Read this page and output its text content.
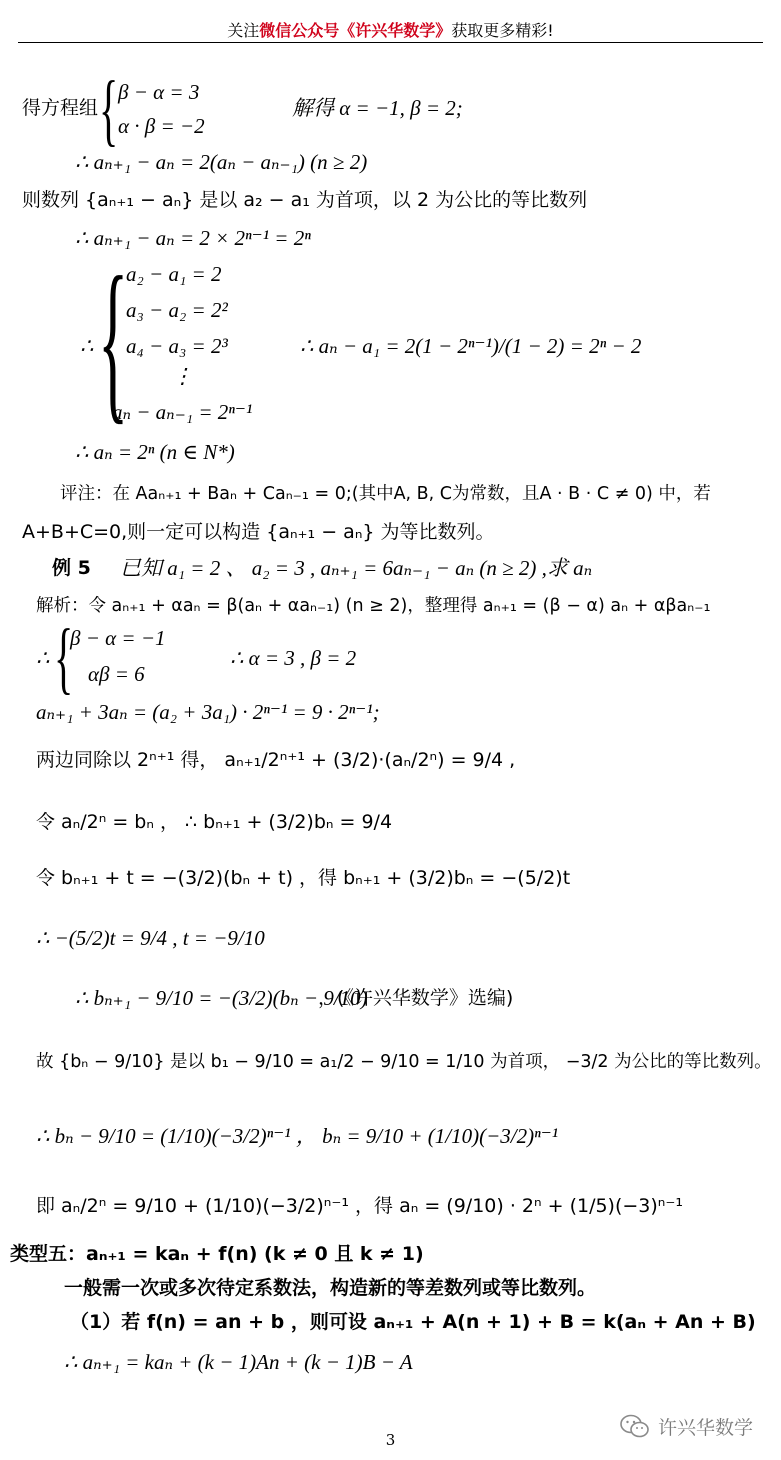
关注微信公众号《许兴华数学》获取更多精彩!
得方程组 { β − α = 3
α · β = −2
解得 α = −1, β = 2;
∴ aₙ₊₁ − aₙ = 2(aₙ − aₙ₋₁) (n ≥ 2)
则数列 {aₙ₊₁ − aₙ} 是以 a₂ − a₁ 为首项，以 2 为公比的等比数列
∴ aₙ₊₁ − aₙ = 2 × 2ⁿ⁻¹ = 2ⁿ
∴ {
a₂ − a₁ = 2
a₃ − a₂ = 2²
a₄ − a₃ = 2³
⋮
aₙ − aₙ₋₁ = 2ⁿ⁻¹
∴ aₙ − a₁ = 2(1 − 2ⁿ⁻¹)/(1 − 2) = 2ⁿ − 2
∴ aₙ = 2ⁿ (n ∈ N*)
评注：在 Aaₙ₊₁ + Baₙ + Caₙ₋₁ = 0;(其中A, B, C为常数，且A · B · C ≠ 0) 中，若
A+B+C=0,则一定可以构造 {aₙ₊₁ − aₙ} 为等比数列。
例 5 已知 a₁ = 2 、 a₂ = 3 , aₙ₊₁ = 6aₙ₋₁ − aₙ (n ≥ 2) ,求 aₙ
解析：令 aₙ₊₁ + αaₙ = β(aₙ + αaₙ₋₁) (n ≥ 2)，整理得 aₙ₊₁ = (β − α) aₙ + αβaₙ₋₁
∴ {
β − α = −1
αβ = 6
∴ α = 3 , β = 2
aₙ₊₁ + 3aₙ = (a₂ + 3a₁) · 2ⁿ⁻¹ = 9 · 2ⁿ⁻¹;
两边同除以 2ⁿ⁺¹ 得， aₙ₊₁/2ⁿ⁺¹ + (3/2)·(aₙ/2ⁿ) = 9/4 ,
令 aₙ/2ⁿ = bₙ ， ∴ bₙ₊₁ + (3/2)bₙ = 9/4
令 bₙ₊₁ + t = −(3/2)(bₙ + t) ，得 bₙ₊₁ + (3/2)bₙ = −(5/2)t
∴ −(5/2)t = 9/4 , t = −9/10
∴ bₙ₊₁ − 9/10 = −(3/2)(bₙ − 9/10)
，(《许兴华数学》选编)
故 {bₙ − 9/10} 是以 b₁ − 9/10 = a₁/2 − 9/10 = 1/10 为首项， −3/2 为公比的等比数列。
∴ bₙ − 9/10 = (1/10)(−3/2)ⁿ⁻¹ ， bₙ = 9/10 + (1/10)(−3/2)ⁿ⁻¹
即 aₙ/2ⁿ = 9/10 + (1/10)(−3/2)ⁿ⁻¹ ，得 aₙ = (9/10) · 2ⁿ + (1/5)(−3)ⁿ⁻¹
类型五：aₙ₊₁ = kaₙ + f(n) (k ≠ 0 且 k ≠ 1)
一般需一次或多次待定系数法，构造新的等差数列或等比数列。
（1）若 f(n) = an + b ，则可设 aₙ₊₁ + A(n + 1) + B = k(aₙ + An + B)
∴ aₙ₊₁ = kaₙ + (k − 1)An + (k − 1)B − A
3
许兴华数学
